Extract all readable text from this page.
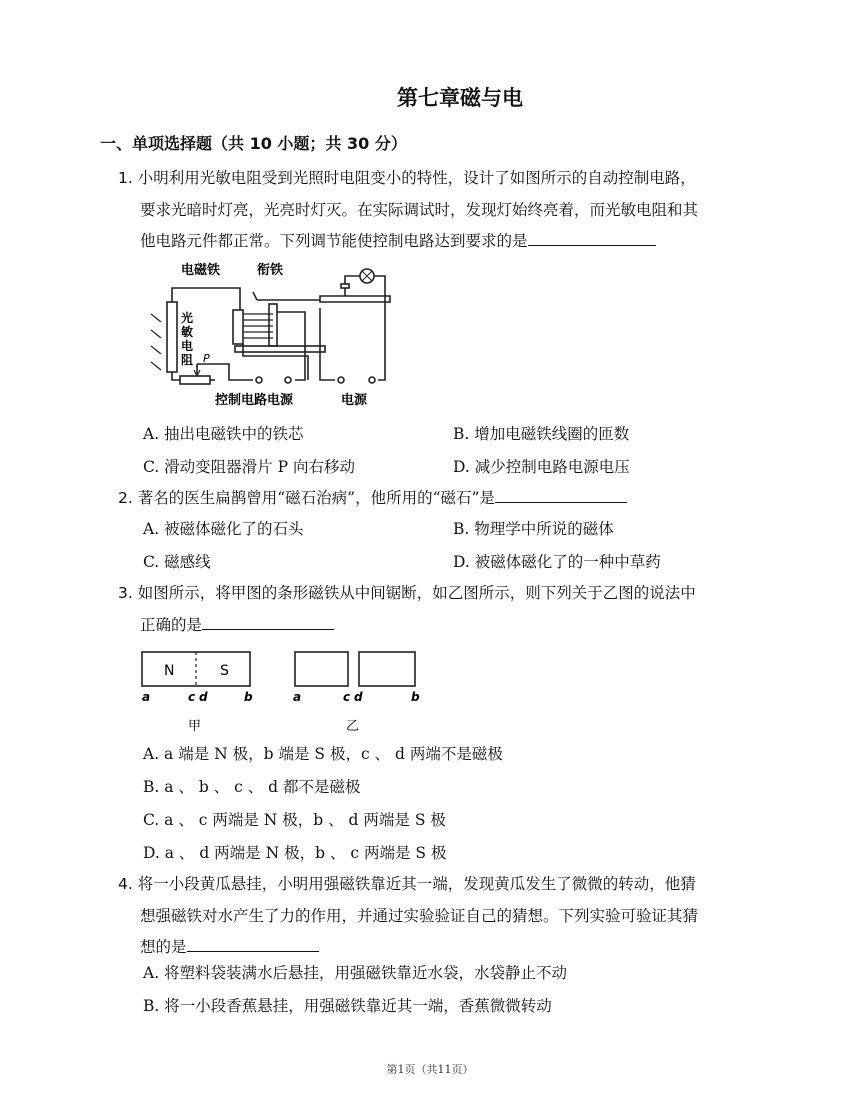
第七章磁与电
一、单项选择题（共 10 小题；共 30 分）
1. 小明利用光敏电阻受到光照时电阻变小的特性，设计了如图所示的自动控制电路，
要求光暗时灯亮，光亮时灯灭。在实际调试时，发现灯始终亮着，而光敏电阻和其
他电路元件都正常。下列调节能使控制电路达到要求的是
电磁铁	衔铁
光
敏
电
阻 P
控制电路电源	电源
A. 抽出电磁铁中的铁芯	B. 增加电磁铁线圈的匝数
C. 滑动变阻器滑片 P 向右移动	D. 减少控制电路电源电压
2. 著名的医生扁鹊曾用“磁石治病”，他所用的“磁石”是
A. 被磁体磁化了的石头	B. 物理学中所说的磁体
C. 磁感线	D. 被磁体磁化了的一种中草药
3. 如图所示，将甲图的条形磁铁从中间锯断，如乙图所示，则下列关于乙图的说法中
正确的是
N	S
a	c d	b	a	c d	b
甲	乙
A. a 端是 N 极，b 端是 S 极，c 、 d 两端不是磁极
B. a 、 b 、 c 、 d 都不是磁极
C. a 、 c 两端是 N 极，b 、 d 两端是 S 极
D. a 、 d 两端是 N 极，b 、 c 两端是 S 极
4. 将一小段黄瓜悬挂，小明用强磁铁靠近其一端，发现黄瓜发生了微微的转动，他猜
想强磁铁对水产生了力的作用，并通过实验验证自己的猜想。下列实验可验证其猜
想的是
A. 将塑料袋装满水后悬挂，用强磁铁靠近水袋，水袋静止不动
B. 将一小段香蕉悬挂，用强磁铁靠近其一端，香蕉微微转动
第1页（共11页）
